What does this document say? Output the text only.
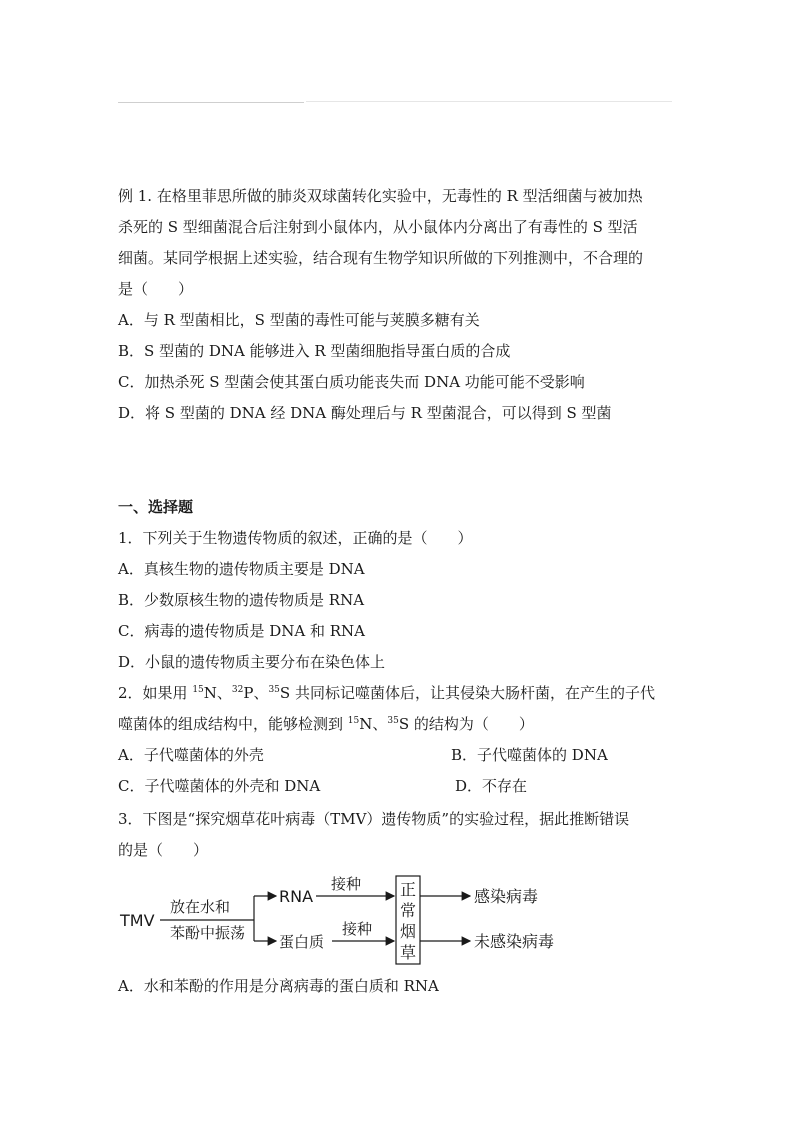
例 1. 在格里菲思所做的肺炎双球菌转化实验中，无毒性的 R 型活细菌与被加热
杀死的 S 型细菌混合后注射到小鼠体内，从小鼠体内分离出了有毒性的 S 型活
细菌。某同学根据上述实验，结合现有生物学知识所做的下列推测中，不合理的
是（　　）
A．与 R 型菌相比，S 型菌的毒性可能与荚膜多糖有关
B．S 型菌的 DNA 能够进入 R 型菌细胞指导蛋白质的合成
C．加热杀死 S 型菌会使其蛋白质功能丧失而 DNA 功能可能不受影响
D．将 S 型菌的 DNA 经 DNA 酶处理后与 R 型菌混合，可以得到 S 型菌
一、选择题
1．下列关于生物遗传物质的叙述，正确的是（　　）
A．真核生物的遗传物质主要是 DNA
B．少数原核生物的遗传物质是 RNA
C．病毒的遗传物质是 DNA 和 RNA
D．小鼠的遗传物质主要分布在染色体上
2．如果用 $^{15}$N、$^{32}$P、$^{35}$S 共同标记噬菌体后，让其侵染大肠杆菌，在产生的子代
噬菌体的组成结构中，能够检测到 $^{15}$N、$^{35}$S 的结构为（　　）
A．子代噬菌体的外壳	B．子代噬菌体的 DNA
C．子代噬菌体的外壳和 DNA	D．不存在
3．下图是“探究烟草花叶病毒（TMV）遗传物质”的实验过程，据此推断错误
的是（　　）
TMV
放在水和
苯酚中振荡
RNA
蛋白质
接种
接种
正
常
烟
草
感染病毒
未感染病毒
A．水和苯酚的作用是分离病毒的蛋白质和 RNA
